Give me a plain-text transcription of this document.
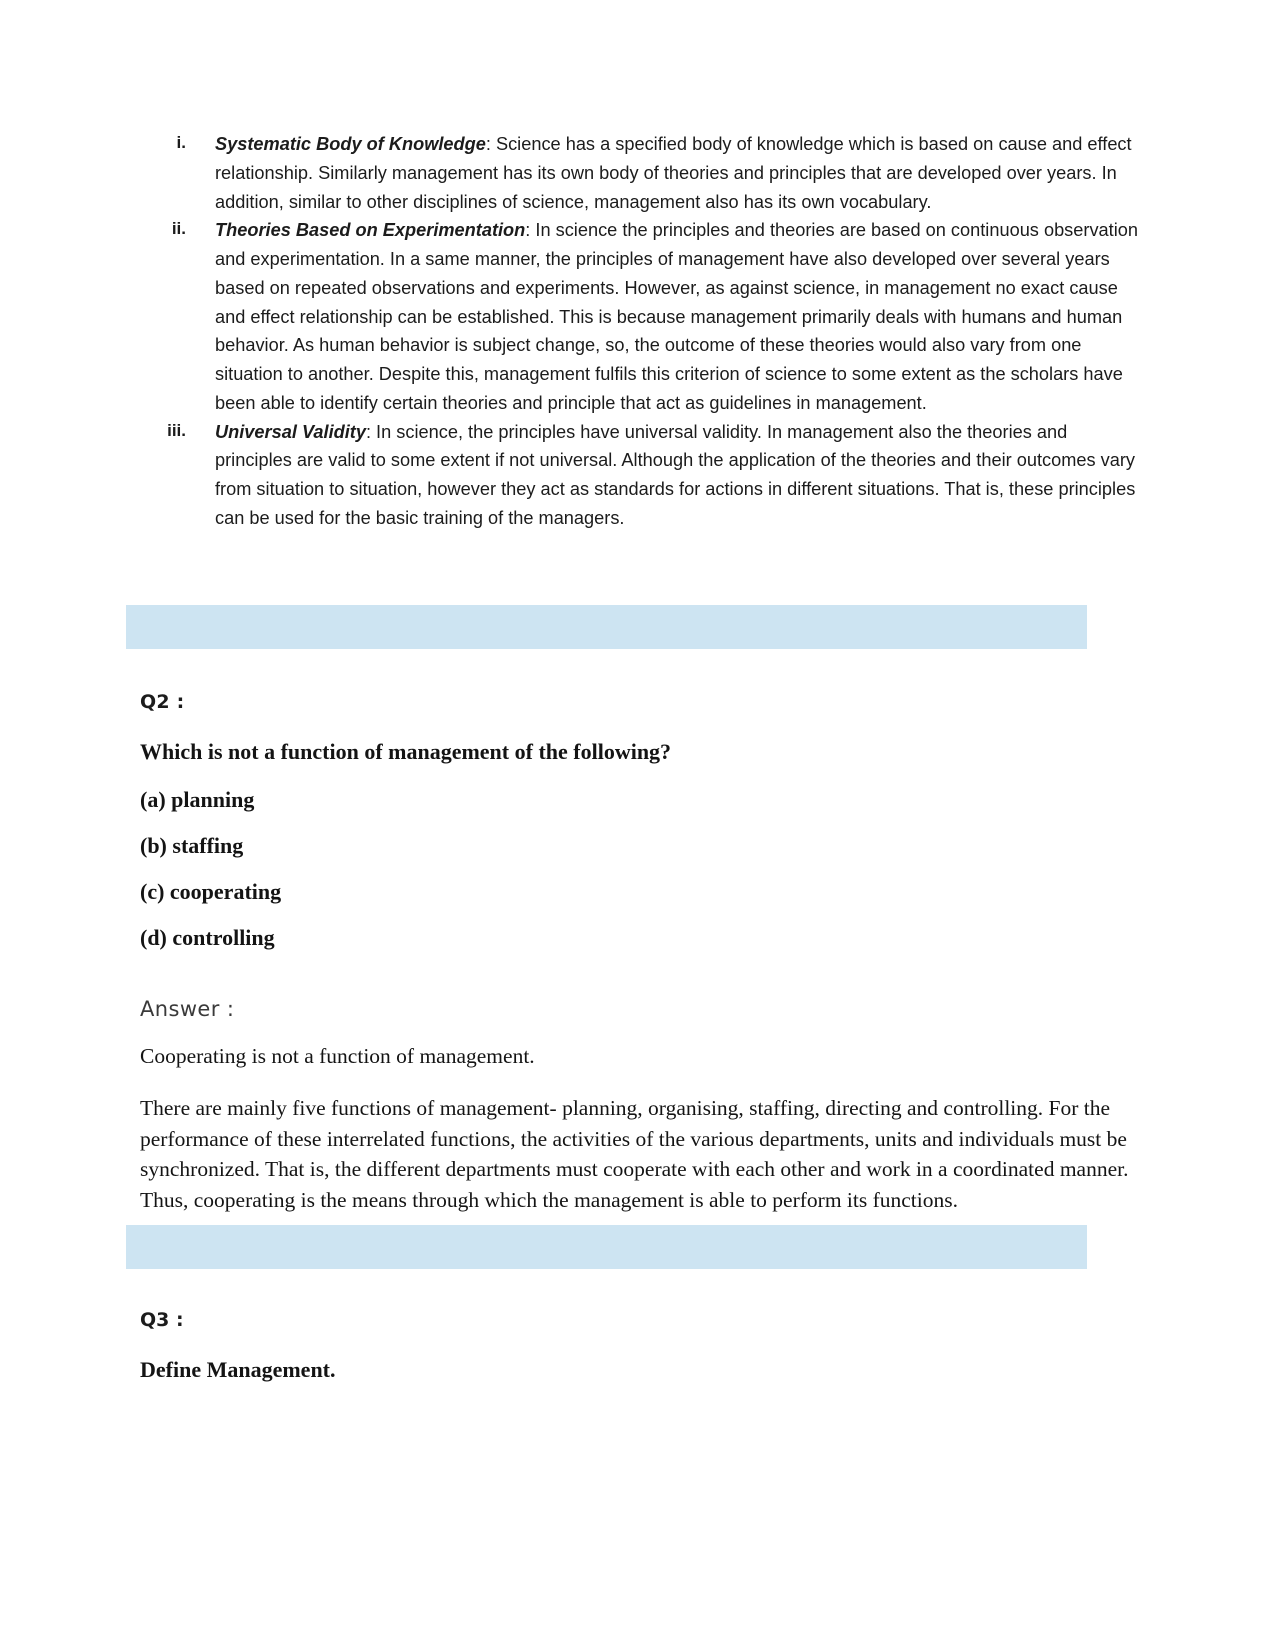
i. Systematic Body of Knowledge: Science has a specified body of knowledge which is based on cause and effect relationship. Similarly management has its own body of theories and principles that are developed over years. In addition, similar to other disciplines of science, management also has its own vocabulary.
ii. Theories Based on Experimentation: In science the principles and theories are based on continuous observation and experimentation. In a same manner, the principles of management have also developed over several years based on repeated observations and experiments. However, as against science, in management no exact cause and effect relationship can be established. This is because management primarily deals with humans and human behavior. As human behavior is subject change, so, the outcome of these theories would also vary from one situation to another. Despite this, management fulfils this criterion of science to some extent as the scholars have been able to identify certain theories and principle that act as guidelines in management.
iii. Universal Validity: In science, the principles have universal validity. In management also the theories and principles are valid to some extent if not universal. Although the application of the theories and their outcomes vary from situation to situation, however they act as standards for actions in different situations. That is, these principles can be used for the basic training of the managers.
Q2 :
Which is not a function of management of the following?
(a) planning
(b) staffing
(c) cooperating
(d) controlling
Answer :
Cooperating is not a function of management.
There are mainly five functions of management- planning, organising, staffing, directing and controlling. For the performance of these interrelated functions, the activities of the various departments, units and individuals must be synchronized. That is, the different departments must cooperate with each other and work in a coordinated manner. Thus, cooperating is the means through which the management is able to perform its functions.
Q3 :
Define Management.
